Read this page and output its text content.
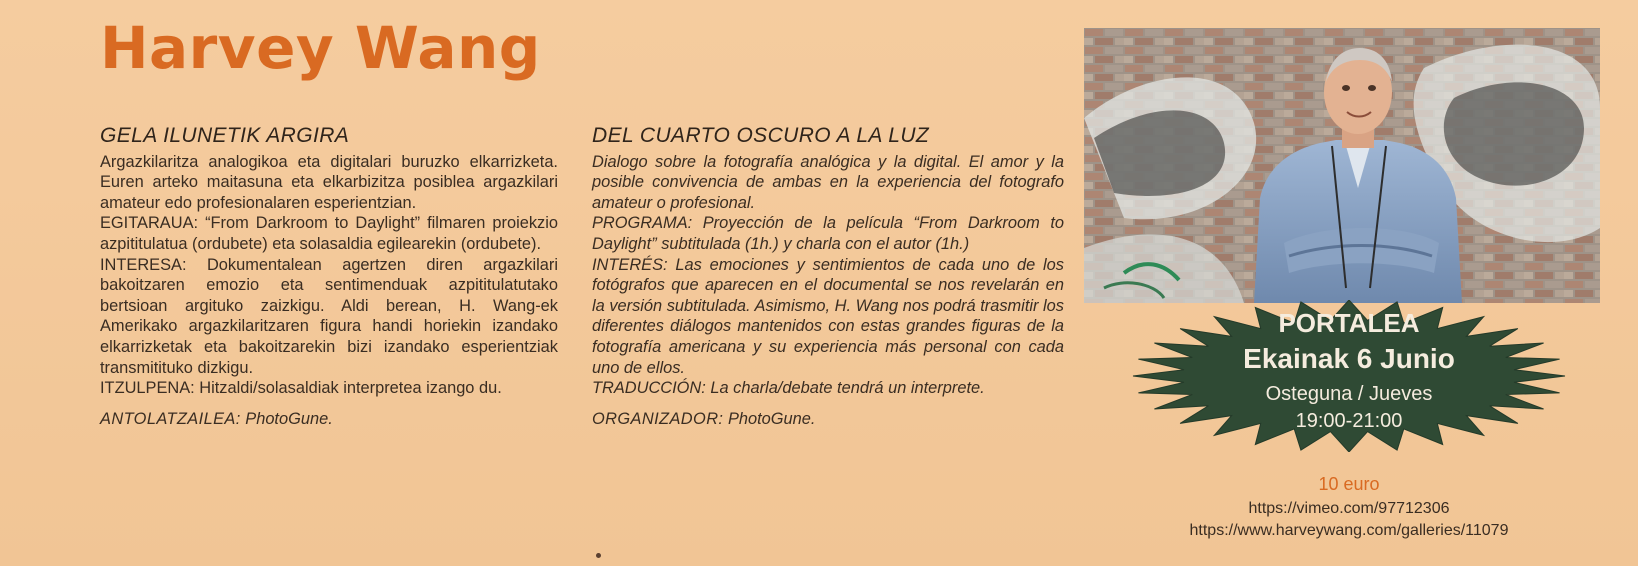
Harvey Wang
GELA ILUNETIK ARGIRA
Argazkilaritza analogikoa eta digitalari buruzko elkarrizketa. Euren arteko maitasuna eta elkarbizitza posiblea argazkilari amateur edo profesionalaren esperientzian.
EGITARAUA: “From Darkroom to Daylight” filmaren proiekzio azpititulatua (ordubete) eta solasaldia egilearekin (ordubete).
INTERESA: Dokumentalean agertzen diren argazkilari bakoitzaren emozio eta sentimenduak azpititulatutako bertsioan argituko zaizkigu. Aldi berean, H. Wang-ek Amerikako argazkilaritzaren figura handi horiekin izandako elkarrizketak eta bakoitzarekin bizi izandako esperientziak transmitituko dizkigu.
ITZULPENA: Hitzaldi/solasaldiak interpretea izango du.
ANTOLATZAILEA: PhotoGune.
DEL CUARTO OSCURO A LA LUZ
Dialogo sobre la fotografía analógica y la digital. El amor y la posible convivencia de ambas en la experiencia del fotografo amateur o profesional.
PROGRAMA: Proyección de la película “From Darkroom to Daylight” subtitulada (1h.) y charla con el autor (1h.)
INTERÉS: Las emociones y sentimientos de cada uno de los fotógrafos que aparecen en el documental se nos revelarán en la versión subtitulada. Asimismo, H. Wang nos podrá trasmitir los diferentes diálogos mantenidos con estas grandes figuras de la fotografía americana y su experiencia más personal con cada uno de ellos.
TRADUCCIÓN: La charla/debate tendrá un interprete.
ORGANIZADOR: PhotoGune.
PORTALEA
Ekainak 6 Junio
Osteguna / Jueves
19:00-21:00
10 euro
https://vimeo.com/97712306
https://www.harveywang.com/galleries/11079
